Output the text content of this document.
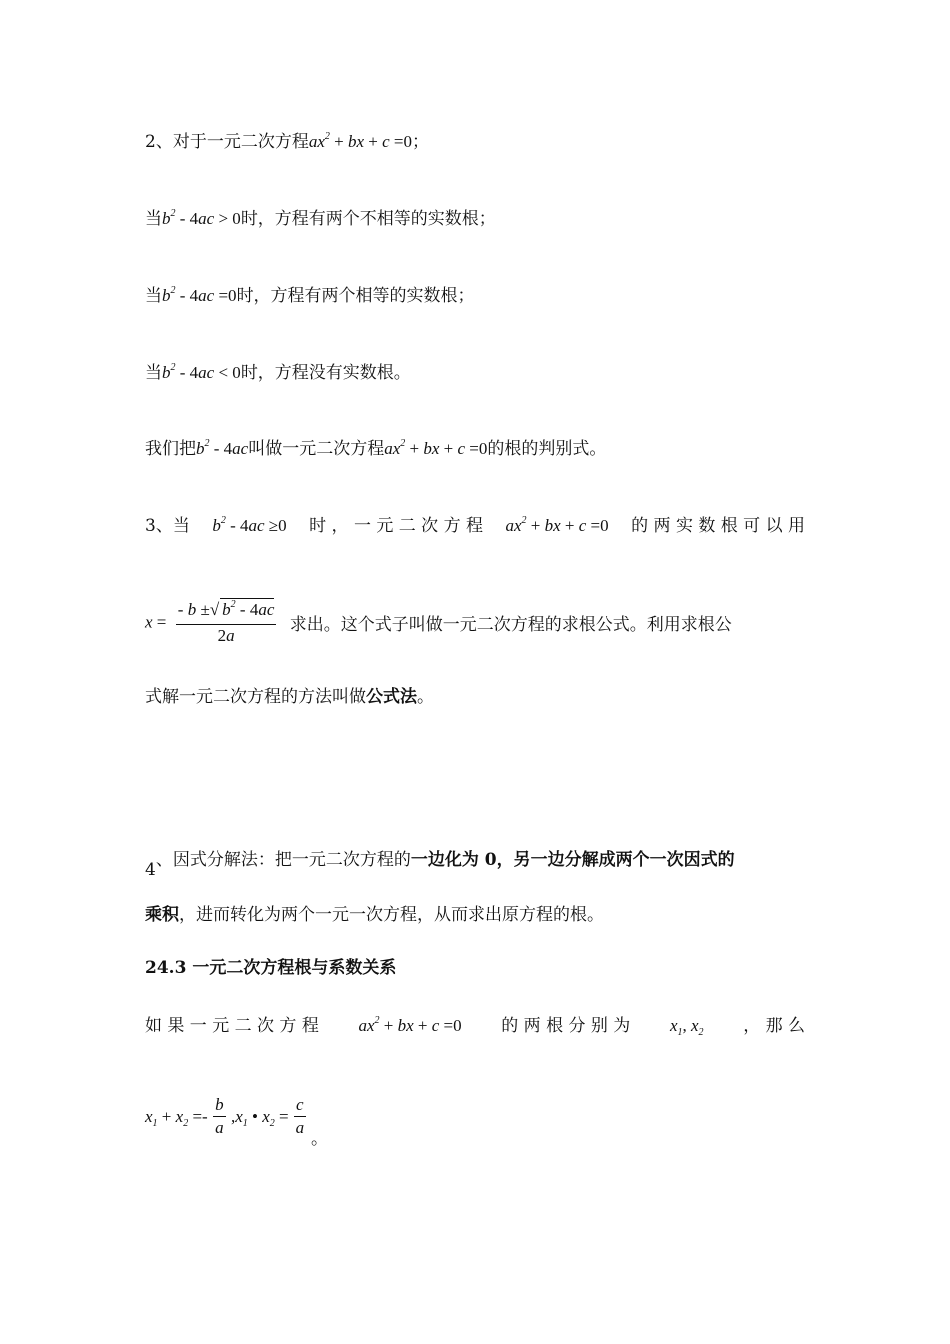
2、对于一元二次方程$ax^2$ + bx + c =0；
当$b^2 - 4ac > 0$时，方程有两个不相等的实数根；
当$b^2 - 4ac =0$时，方程有两个相等的实数根；
当$b^2 - 4ac < 0$时，方程没有实数根。
我们把$b^2 - 4ac$叫做一元二次方程$ax^2$ + bx + c =0的根的判别式。
3、当 $b^2 - 4ac \ge 0$ 时 ， 一 元 二 次 方 程 $ax^2$ + bx + c =0 的 两 实 数 根 可 以 用
$x = \frac{- b \pm√ b^2 - 4ac}{2a}$ 求出。这个式子叫做一元二次方程的求根公式。利用求根公
式解一元二次方程的方法叫做公式法。
4、因式分解法：把一元二次方程的一边化为 0，另一边分解成两个一次因式的
乘积，进而转化为两个一元一次方程，从而求出原方程的根。
24.3 一元二次方程根与系数关系
如 果 一 元 二 次 方 程 $ax^2$ + bx + c =0 的 两 根 分 别 为 $x_1$, $x_2$ ， 那 么
$x_1 + x_2 =- \frac{b}{a} ,x_1$ • $x_2 = \frac{c}{a}$ 。
